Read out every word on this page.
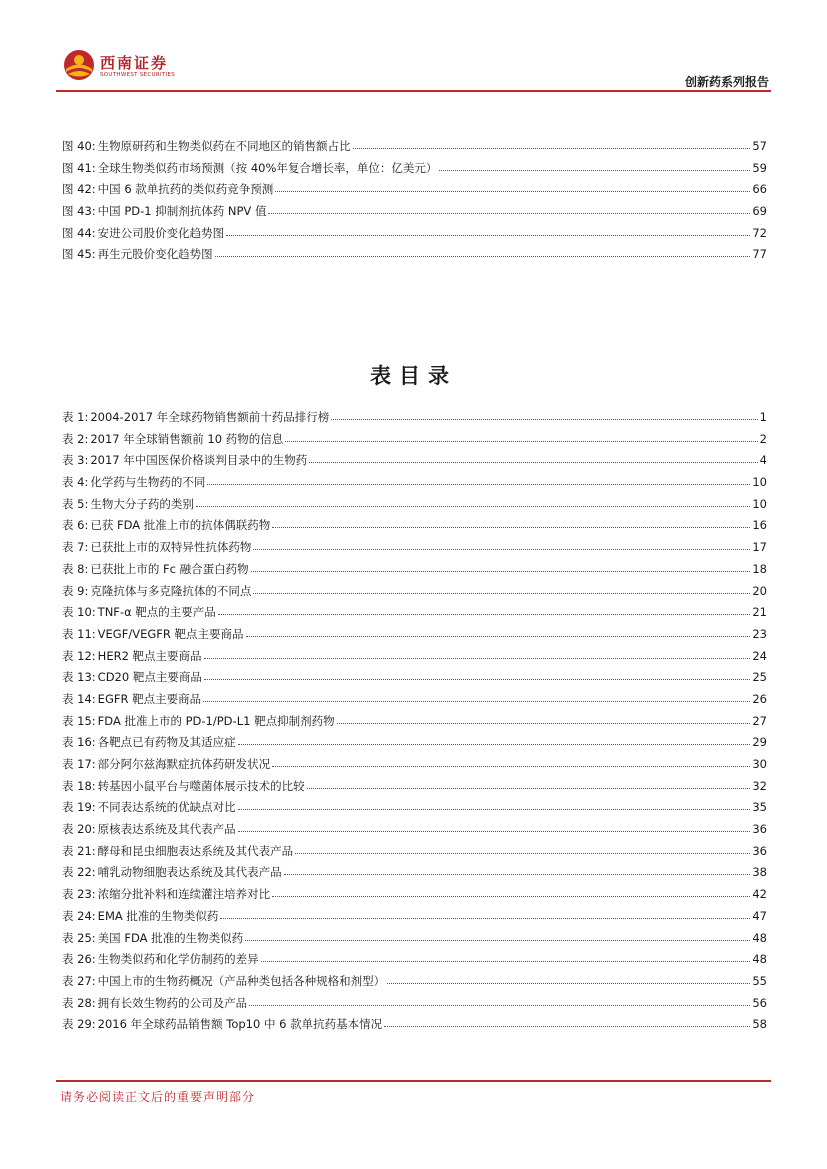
西南证券
SOUTHWEST SECURITIES	创新药系列报告
图 40: 生物原研药和生物类似药在不同地区的销售额占比	57
图 41: 全球生物类似药市场预测（按 40%年复合增长率，单位：亿美元）	59
图 42: 中国 6 款单抗药的类似药竞争预测	66
图 43: 中国 PD-1 抑制剂抗体药 NPV 值	69
图 44: 安进公司股价变化趋势图	72
图 45: 再生元股价变化趋势图	77
表目录
表 1: 2004-2017 年全球药物销售额前十药品排行榜	1
表 2: 2017 年全球销售额前 10 药物的信息	2
表 3: 2017 年中国医保价格谈判目录中的生物药	4
表 4: 化学药与生物药的不同	10
表 5: 生物大分子药的类别	10
表 6: 已获 FDA 批准上市的抗体偶联药物	16
表 7: 已获批上市的双特异性抗体药物	17
表 8: 已获批上市的 Fc 融合蛋白药物	18
表 9: 克隆抗体与多克隆抗体的不同点	20
表 10: TNF-α 靶点的主要产品	21
表 11: VEGF/VEGFR 靶点主要商品	23
表 12: HER2 靶点主要商品	24
表 13: CD20 靶点主要商品	25
表 14: EGFR 靶点主要商品	26
表 15: FDA 批准上市的 PD-1/PD-L1 靶点抑制剂药物	27
表 16: 各靶点已有药物及其适应症	29
表 17: 部分阿尔兹海默症抗体药研发状况	30
表 18: 转基因小鼠平台与噬菌体展示技术的比较	32
表 19: 不同表达系统的优缺点对比	35
表 20: 原核表达系统及其代表产品	36
表 21: 酵母和昆虫细胞表达系统及其代表产品	36
表 22: 哺乳动物细胞表达系统及其代表产品	38
表 23: 浓缩分批补料和连续灌注培养对比	42
表 24: EMA 批准的生物类似药	47
表 25: 美国 FDA 批准的生物类似药	48
表 26: 生物类似药和化学仿制药的差异	48
表 27: 中国上市的生物药概况（产品种类包括各种规格和剂型）	55
表 28: 拥有长效生物药的公司及产品	56
表 29: 2016 年全球药品销售额 Top10 中 6 款单抗药基本情况	58
请务必阅读正文后的重要声明部分
